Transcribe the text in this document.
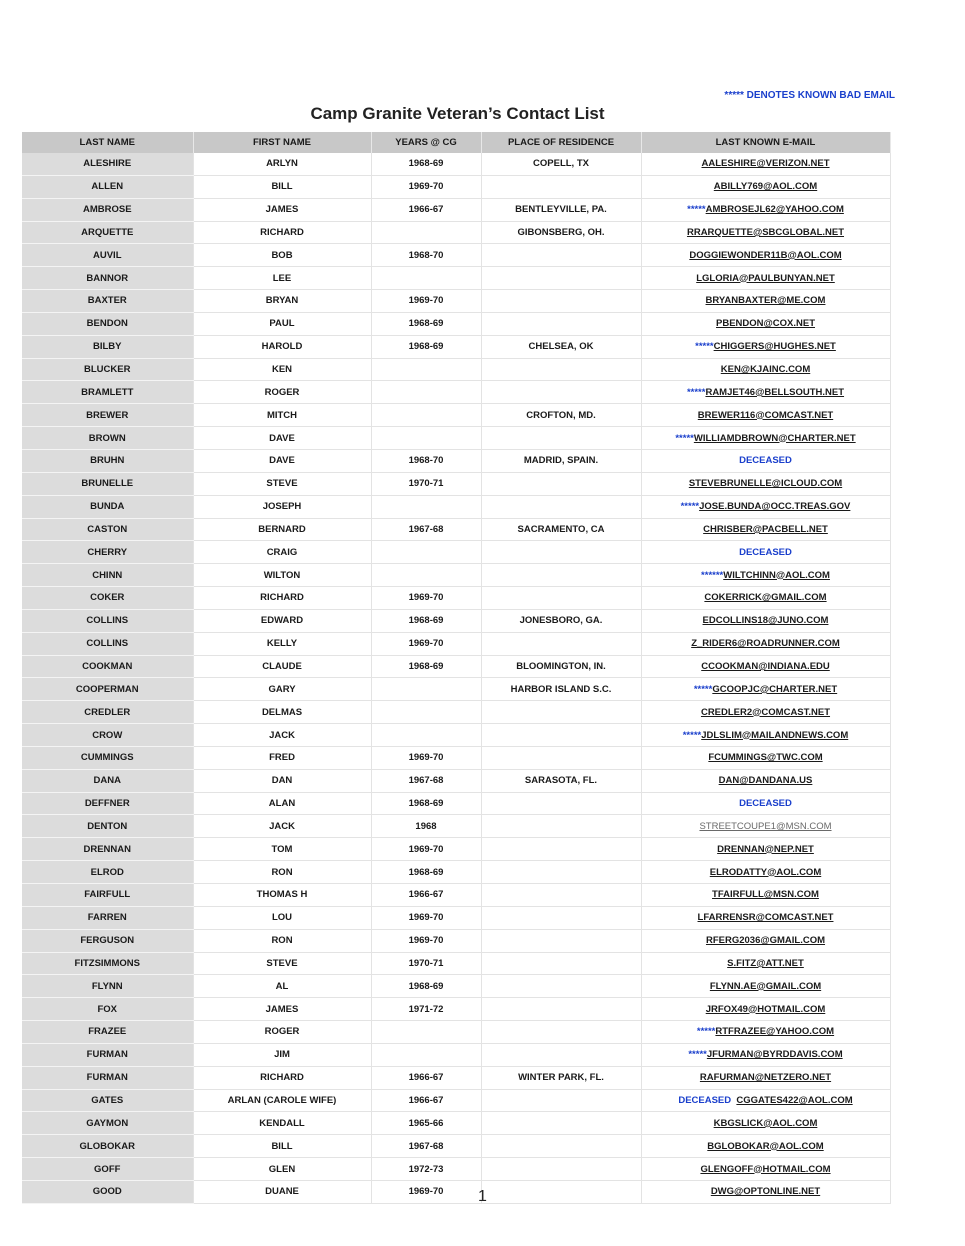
***** DENOTES KNOWN BAD EMAIL
Camp Granite Veteran’s Contact List
LAST NAME	FIRST NAME	YEARS @ CG	PLACE OF RESIDENCE	LAST KNOWN E-MAIL
ALESHIRE	ARLYN	1968-69	COPELL, TX	AALESHIRE@VERIZON.NET
ALLEN	BILL	1969-70		ABILLY769@AOL.COM
AMBROSE	JAMES	1966-67	BENTLEYVILLE, PA.	*****AMBROSEJL62@YAHOO.COM
ARQUETTE	RICHARD		GIBONSBERG, OH.	RRARQUETTE@SBCGLOBAL.NET
AUVIL	BOB	1968-70		DOGGIEWONDER11B@AOL.COM
BANNOR	LEE			LGLORIA@PAULBUNYAN.NET
BAXTER	BRYAN	1969-70		BRYANBAXTER@ME.COM
BENDON	PAUL	1968-69		PBENDON@COX.NET
BILBY	HAROLD	1968-69	CHELSEA, OK	*****CHIGGERS@HUGHES.NET
BLUCKER	KEN			KEN@KJAINC.COM
BRAMLETT	ROGER			*****RAMJET46@BELLSOUTH.NET
BREWER	MITCH		CROFTON, MD.	BREWER116@COMCAST.NET
BROWN	DAVE			*****WILLIAMDBROWN@CHARTER.NET
BRUHN	DAVE	1968-70	MADRID, SPAIN.	DECEASED
BRUNELLE	STEVE	1970-71		STEVEBRUNELLE@ICLOUD.COM
BUNDA	JOSEPH			*****JOSE.BUNDA@OCC.TREAS.GOV
CASTON	BERNARD	1967-68	SACRAMENTO, CA	CHRISBER@PACBELL.NET
CHERRY	CRAIG			DECEASED
CHINN	WILTON			******WILTCHINN@AOL.COM
COKER	RICHARD	1969-70		COKERRICK@GMAIL.COM
COLLINS	EDWARD	1968-69	JONESBORO, GA.	EDCOLLINS18@JUNO.COM
COLLINS	KELLY	1969-70		Z_RIDER6@ROADRUNNER.COM
COOKMAN	CLAUDE	1968-69	BLOOMINGTON, IN.	CCOOKMAN@INDIANA.EDU
COOPERMAN	GARY		HARBOR ISLAND S.C.	*****GCOOPJC@CHARTER.NET
CREDLER	DELMAS			CREDLER2@COMCAST.NET
CROW	JACK			*****JDLSLIM@MAILANDNEWS.COM
CUMMINGS	FRED	1969-70		FCUMMINGS@TWC.COM
DANA	DAN	1967-68	SARASOTA, FL.	DAN@DANDANA.US
DEFFNER	ALAN	1968-69		DECEASED
DENTON	JACK	1968		STREETCOUPE1@MSN.COM
DRENNAN	TOM	1969-70		DRENNAN@NEP.NET
ELROD	RON	1968-69		ELRODATTY@AOL.COM
FAIRFULL	THOMAS H	1966-67		TFAIRFULL@MSN.COM
FARREN	LOU	1969-70		LFARRENSR@COMCAST.NET
FERGUSON	RON	1969-70		RFERG2036@GMAIL.COM
FITZSIMMONS	STEVE	1970-71		S.FITZ@ATT.NET
FLYNN	AL	1968-69		FLYNN.AE@GMAIL.COM
FOX	JAMES	1971-72		JRFOX49@HOTMAIL.COM
FRAZEE	ROGER			*****RTFRAZEE@YAHOO.COM
FURMAN	JIM			*****JFURMAN@BYRDDAVIS.COM
FURMAN	RICHARD	1966-67	WINTER PARK, FL.	RAFURMAN@NETZERO.NET
GATES	ARLAN (CAROLE WIFE)	1966-67		DECEASED CGGATES422@AOL.COM
GAYMON	KENDALL	1965-66		KBGSLICK@AOL.COM
GLOBOKAR	BILL	1967-68		BGLOBOKAR@AOL.COM
GOFF	GLEN	1972-73		GLENGOFF@HOTMAIL.COM
GOOD	DUANE	1969-70		DWG@OPTONLINE.NET
1
